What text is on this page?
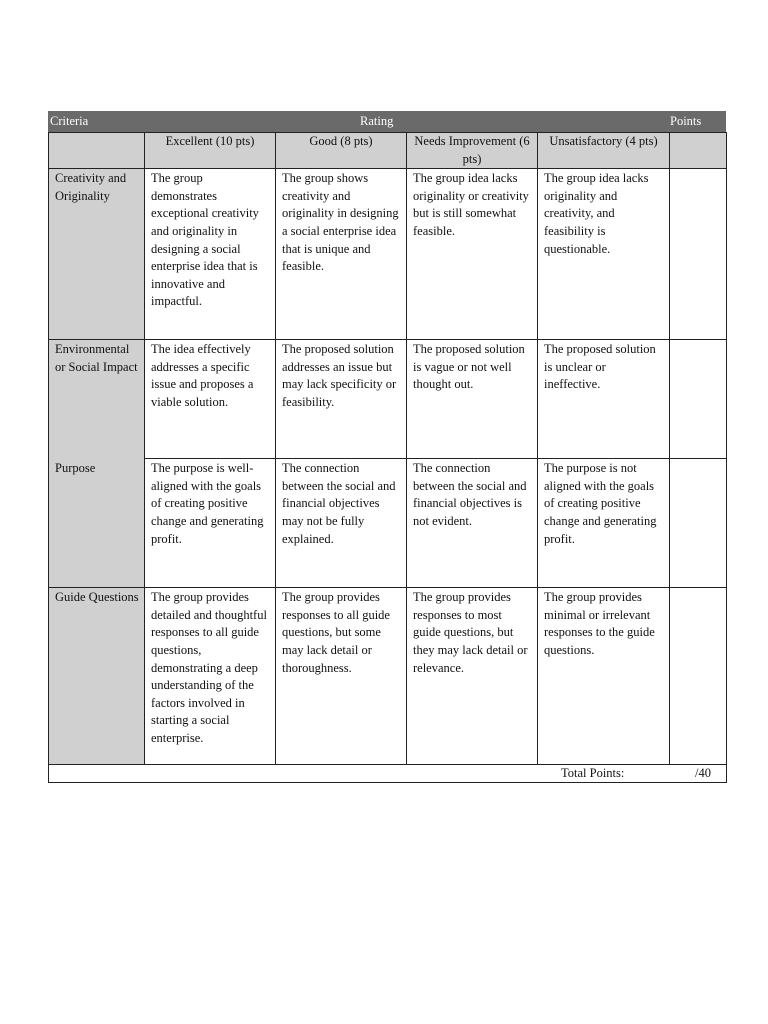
Criteria	Rating	Points
	Excellent (10 pts)	Good (8 pts)	Needs Improvement (6 pts)	Unsatisfactory (4 pts)	
Creativity and Originality	The group demonstrates exceptional creativity and originality in designing a social enterprise idea that is innovative and impactful.	The group shows creativity and originality in designing a social enterprise idea that is unique and feasible.	The group idea lacks originality or creativity but is still somewhat feasible.	The group idea lacks originality and creativity, and feasibility is questionable.	
Environmental or Social Impact	The idea effectively addresses a specific issue and proposes a viable solution.	The proposed solution addresses an issue but may lack specificity or feasibility.	The proposed solution is vague or not well thought out.	The proposed solution is unclear or ineffective.	
Purpose	The purpose is well-aligned with the goals of creating positive change and generating profit.	The connection between the social and financial objectives may not be fully explained.	The connection between the social and financial objectives is not evident.	The purpose is not aligned with the goals of creating positive change and generating profit.	
Guide Questions	The group provides detailed and thoughtful responses to all guide questions, demonstrating a deep understanding of the factors involved in starting a social enterprise.	The group provides responses to all guide questions, but some may lack detail or thoroughness.	The group provides responses to most guide questions, but they may lack detail or relevance.	The group provides minimal or irrelevant responses to the guide questions.	

Total Points: /40					
